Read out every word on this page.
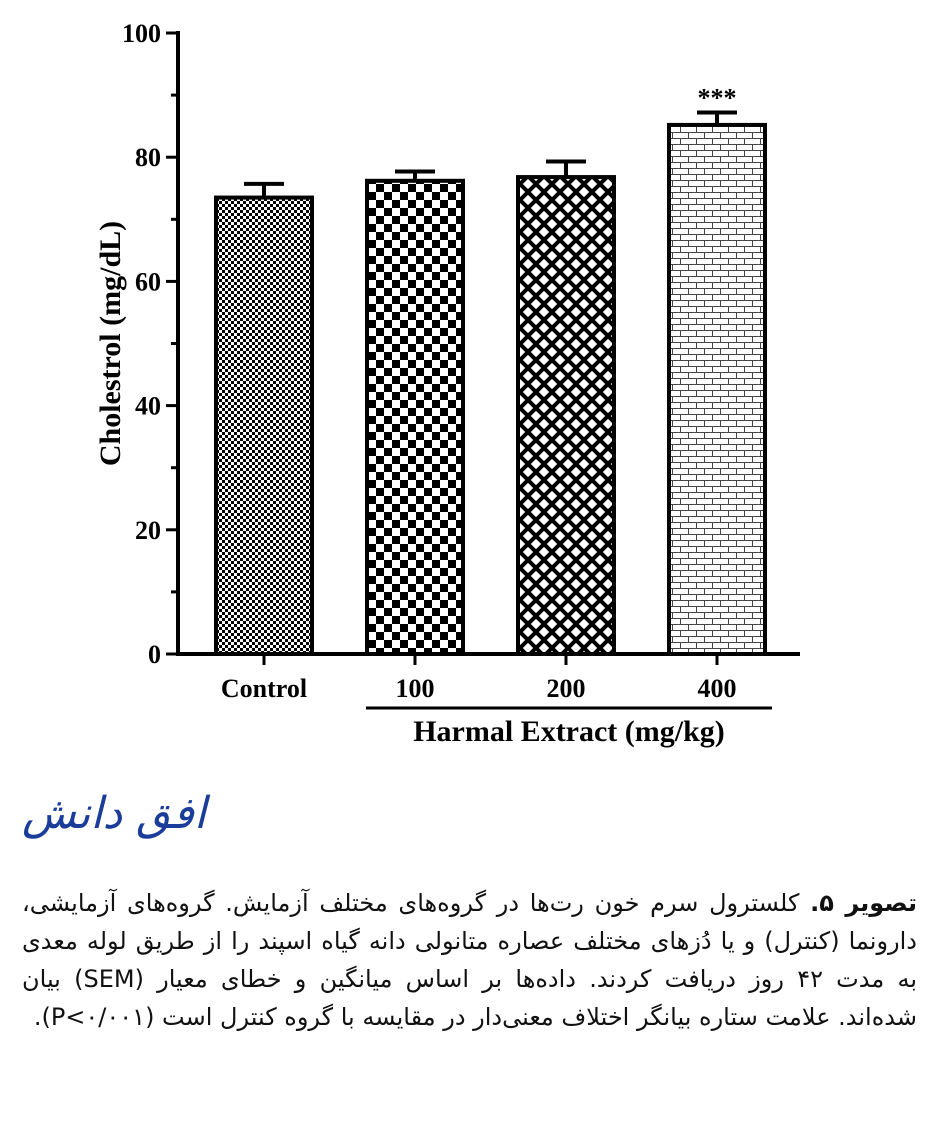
***
0
20
40
60
80
100
Control	100	200	400
Harmal Extract (mg/kg)
Cholestrol (mg/dL)
افق دانش
تصویر ۵. کلسترول سرم خون رت‌ها در گروه‌های مختلف آزمایش. گروه‌های آزمایشی، دارونما (کنترل) و یا دُزهای مختلف عصاره متانولی دانه گیاه اسپند را از طریق لوله معدی به مدت ۴۲ روز دریافت کردند. داده‌ها بر اساس میانگین و خطای معیار (SEM) بیان شده‌اند. علامت ستاره بیانگر اختلاف معنی‌دار در مقایسه با گروه کنترل است (P<۰/۰۰۱).
